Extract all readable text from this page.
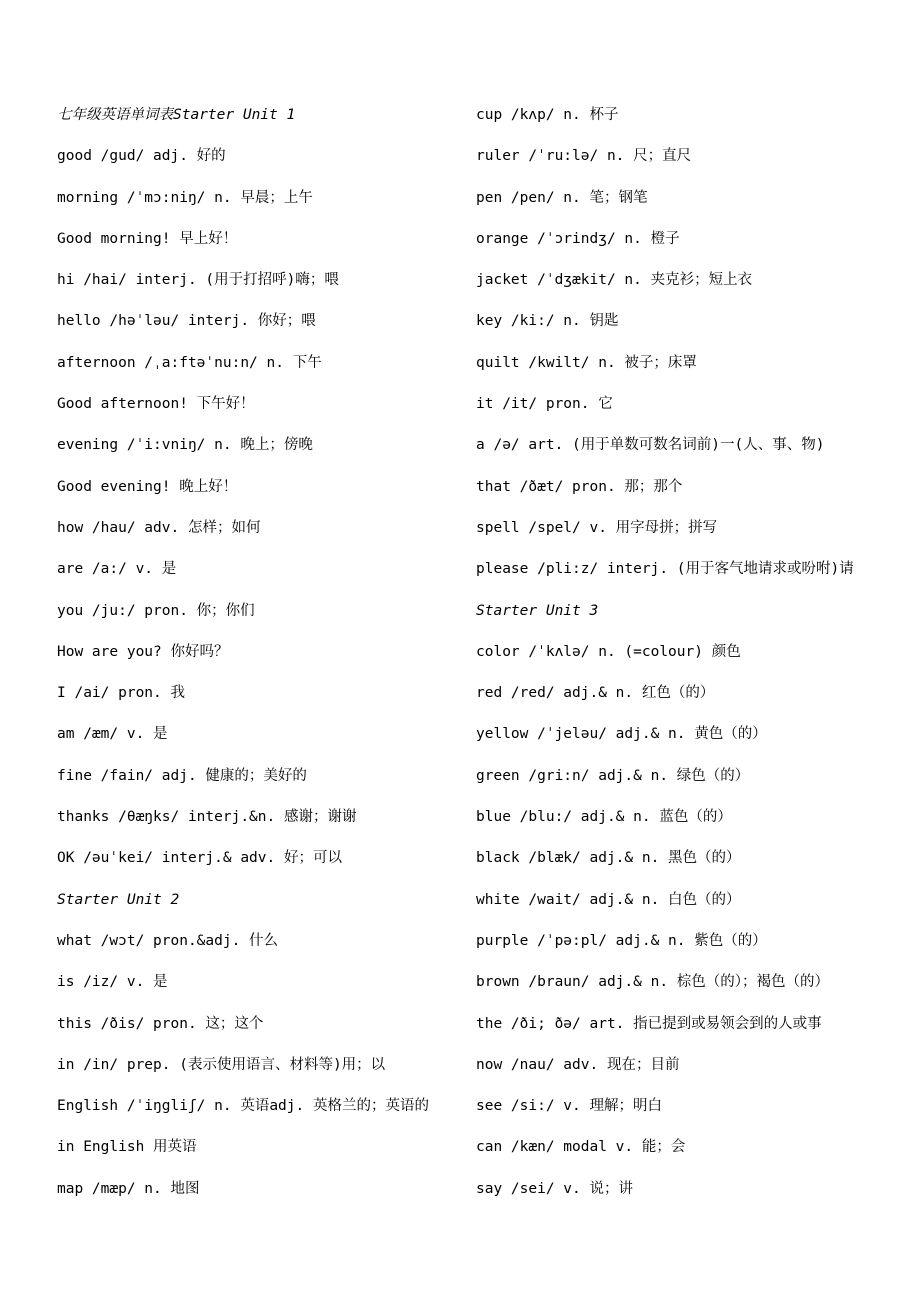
七年级英语单词表Starter Unit 1
good /gud/ adj. 好的
morning /ˈmɔ:niŋ/ n. 早晨；上午
Good morning! 早上好！
hi /hai/ interj. (用于打招呼)嗨；喂
hello /həˈləu/ interj. 你好；喂
afternoon /ˌa:ftəˈnu:n/ n. 下午
Good afternoon! 下午好！
evening /ˈi:vniŋ/ n. 晚上；傍晚
Good evening! 晚上好！
how /hau/ adv. 怎样；如何
are /a:/ v. 是
you /ju:/ pron. 你；你们
How are you? 你好吗？
I /ai/ pron. 我
am /æm/ v. 是
fine /fain/ adj. 健康的；美好的
thanks /θæŋks/ interj.&n. 感谢；谢谢
OK /əuˈkei/ interj.& adv. 好；可以
Starter Unit 2
what /wɔt/ pron.&adj. 什么
is /iz/ v. 是
this /ðis/ pron. 这；这个
in /in/ prep. (表示使用语言、材料等)用；以
English /ˈiŋgliʃ/ n. 英语adj. 英格兰的；英语的
in English 用英语
map /mæp/ n. 地图
cup /kʌp/ n. 杯子
ruler /ˈru:lə/ n. 尺；直尺
pen /pen/ n. 笔；钢笔
orange /ˈɔrindʒ/ n. 橙子
jacket /ˈdʒækit/ n. 夹克衫；短上衣
key /ki:/ n. 钥匙
quilt /kwilt/ n. 被子；床罩
it /it/ pron. 它
a /ə/ art. (用于单数可数名词前)一(人、事、物)
that /ðæt/ pron. 那；那个
spell /spel/ v. 用字母拼；拼写
please /pli:z/ interj. (用于客气地请求或吩咐)请
Starter Unit 3
color /ˈkʌlə/ n. (=colour) 颜色
red /red/ adj.& n. 红色（的）
yellow /ˈjeləu/ adj.& n. 黄色（的）
green /gri:n/ adj.& n. 绿色（的）
blue /blu:/ adj.& n. 蓝色（的）
black /blæk/ adj.& n. 黑色（的）
white /wait/ adj.& n. 白色（的）
purple /ˈpə:pl/ adj.& n. 紫色（的）
brown /braun/ adj.& n. 棕色（的）；褐色（的）
the /ði; ðə/ art. 指已提到或易领会到的人或事
now /nau/ adv. 现在；目前
see /si:/ v. 理解；明白
can /kæn/ modal v. 能；会
say /sei/ v. 说；讲
